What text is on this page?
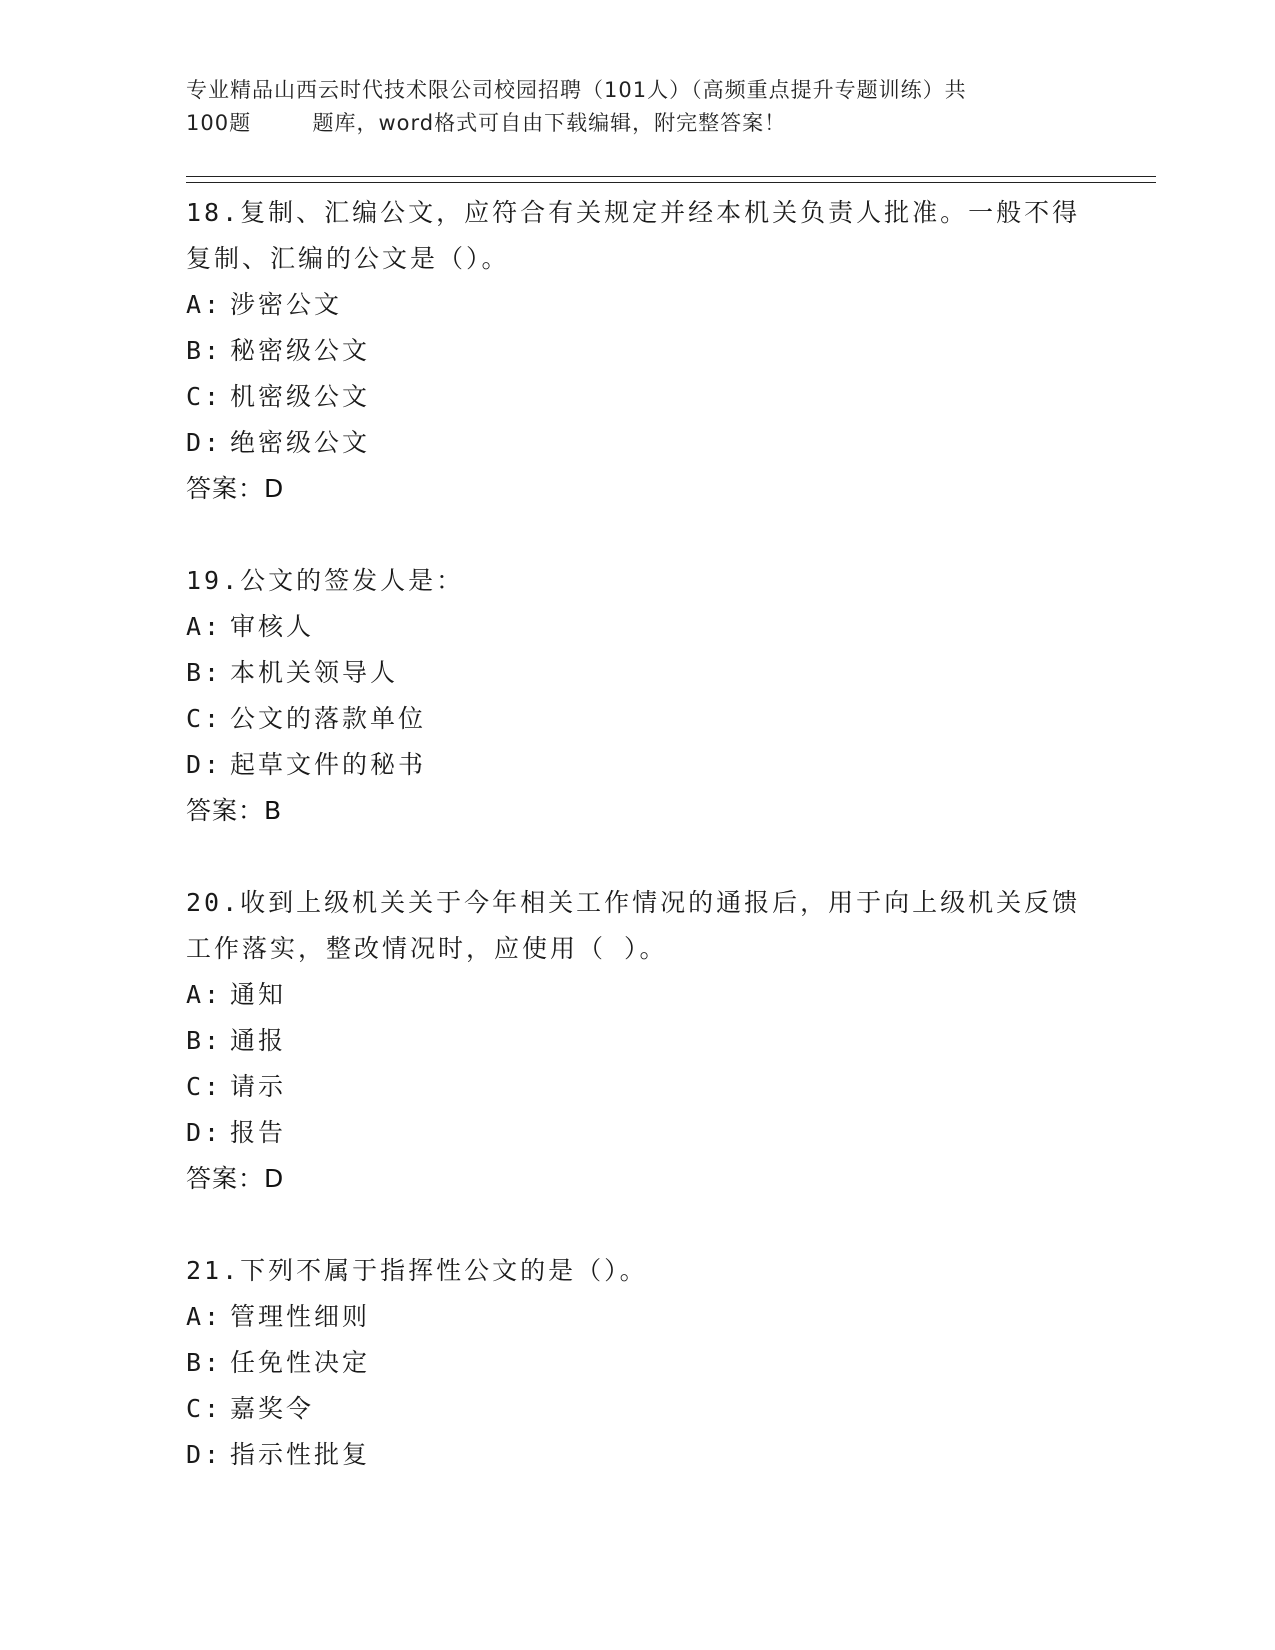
专业精品山西云时代技术限公司校园招聘（101人）（高频重点提升专题训练）共
100题        题库，word格式可自由下载编辑，附完整答案！

18.复制、汇编公文，应符合有关规定并经本机关负责人批准。一般不得复制、汇编的公文是（）。

A: 涉密公文
B: 秘密级公文
C: 机密级公文
D: 绝密级公文
答案：D

19.公文的签发人是：

A: 审核人
B: 本机关领导人
C: 公文的落款单位
D: 起草文件的秘书
答案：B

20.收到上级机关关于今年相关工作情况的通报后，用于向上级机关反馈工作落实，整改情况时，应使用（ ）。

A: 通知
B: 通报
C: 请示
D: 报告
答案：D

21.下列不属于指挥性公文的是（）。

A: 管理性细则
B: 任免性决定
C: 嘉奖令
D: 指示性批复
